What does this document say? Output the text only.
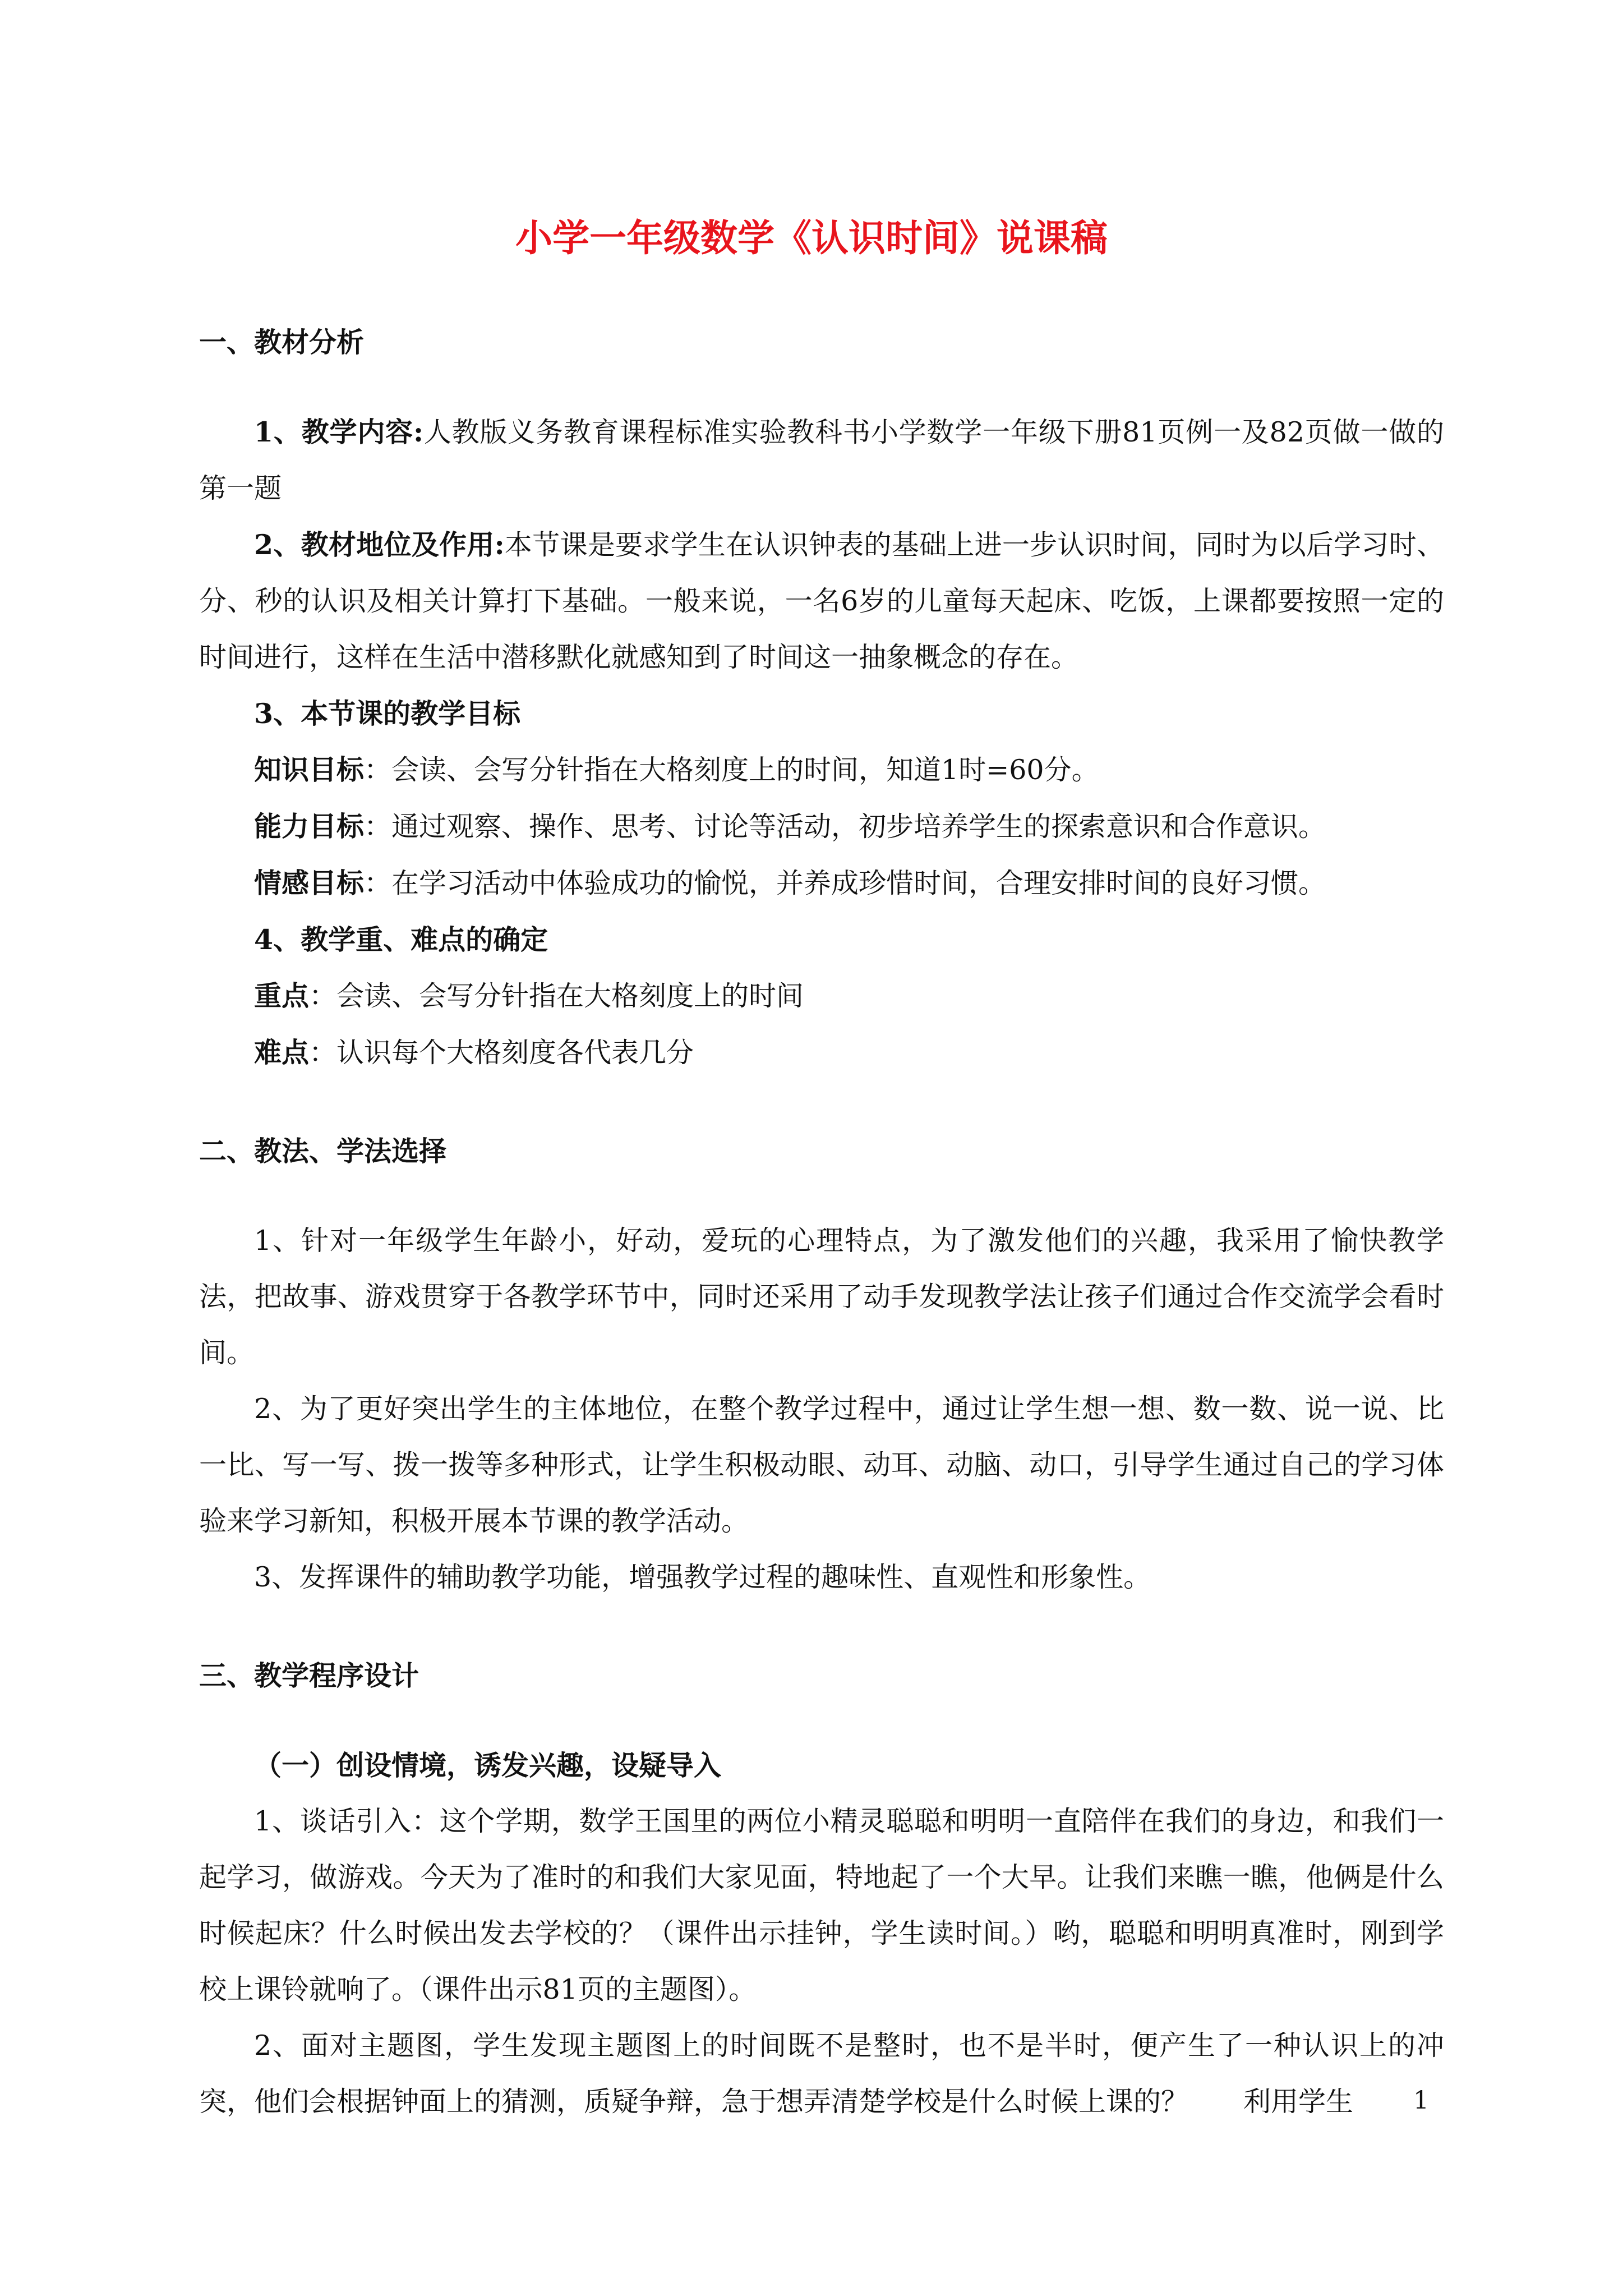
小学一年级数学《认识时间》说课稿

一、教材分析

1、教学内容:人教版义务教育课程标准实验教科书小学数学一年级下册81页例一及82页做一做的第一题

2、教材地位及作用:本节课是要求学生在认识钟表的基础上进一步认识时间，同时为以后学习时、分、秒的认识及相关计算打下基础。一般来说，一名6岁的儿童每天起床、吃饭，上课都要按照一定的时间进行，这样在生活中潜移默化就感知到了时间这一抽象概念的存在。

3、本节课的教学目标

知识目标：会读、会写分针指在大格刻度上的时间，知道1时=60分。

能力目标：通过观察、操作、思考、讨论等活动，初步培养学生的探索意识和合作意识。

情感目标：在学习活动中体验成功的愉悦，并养成珍惜时间，合理安排时间的良好习惯。

4、教学重、难点的确定

重点：会读、会写分针指在大格刻度上的时间

难点：认识每个大格刻度各代表几分

二、教法、学法选择

1、针对一年级学生年龄小，好动，爱玩的心理特点，为了激发他们的兴趣，我采用了愉快教学法，把故事、游戏贯穿于各教学环节中，同时还采用了动手发现教学法让孩子们通过合作交流学会看时间。

2、为了更好突出学生的主体地位，在整个教学过程中，通过让学生想一想、数一数、说一说、比一比、写一写、拨一拨等多种形式，让学生积极动眼、动耳、动脑、动口，引导学生通过自己的学习体验来学习新知，积极开展本节课的教学活动。

3、发挥课件的辅助教学功能，增强教学过程的趣味性、直观性和形象性。

三、教学程序设计

（一）创设情境，诱发兴趣，设疑导入

1、谈话引入：这个学期，数学王国里的两位小精灵聪聪和明明一直陪伴在我们的身边，和我们一起学习，做游戏。今天为了准时的和我们大家见面，特地起了一个大早。让我们来瞧一瞧，他俩是什么时候起床？什么时候出发去学校的？（课件出示挂钟，学生读时间。）哟，聪聪和明明真准时，刚到学校上课铃就响了。（课件出示81页的主题图）。

2、面对主题图，学生发现主题图上的时间既不是整时，也不是半时，便产生了一种认识上的冲突，他们会根据钟面上的猜测，质疑争辩，急于想弄清楚学校是什么时候上课的？　　利用学生	1
